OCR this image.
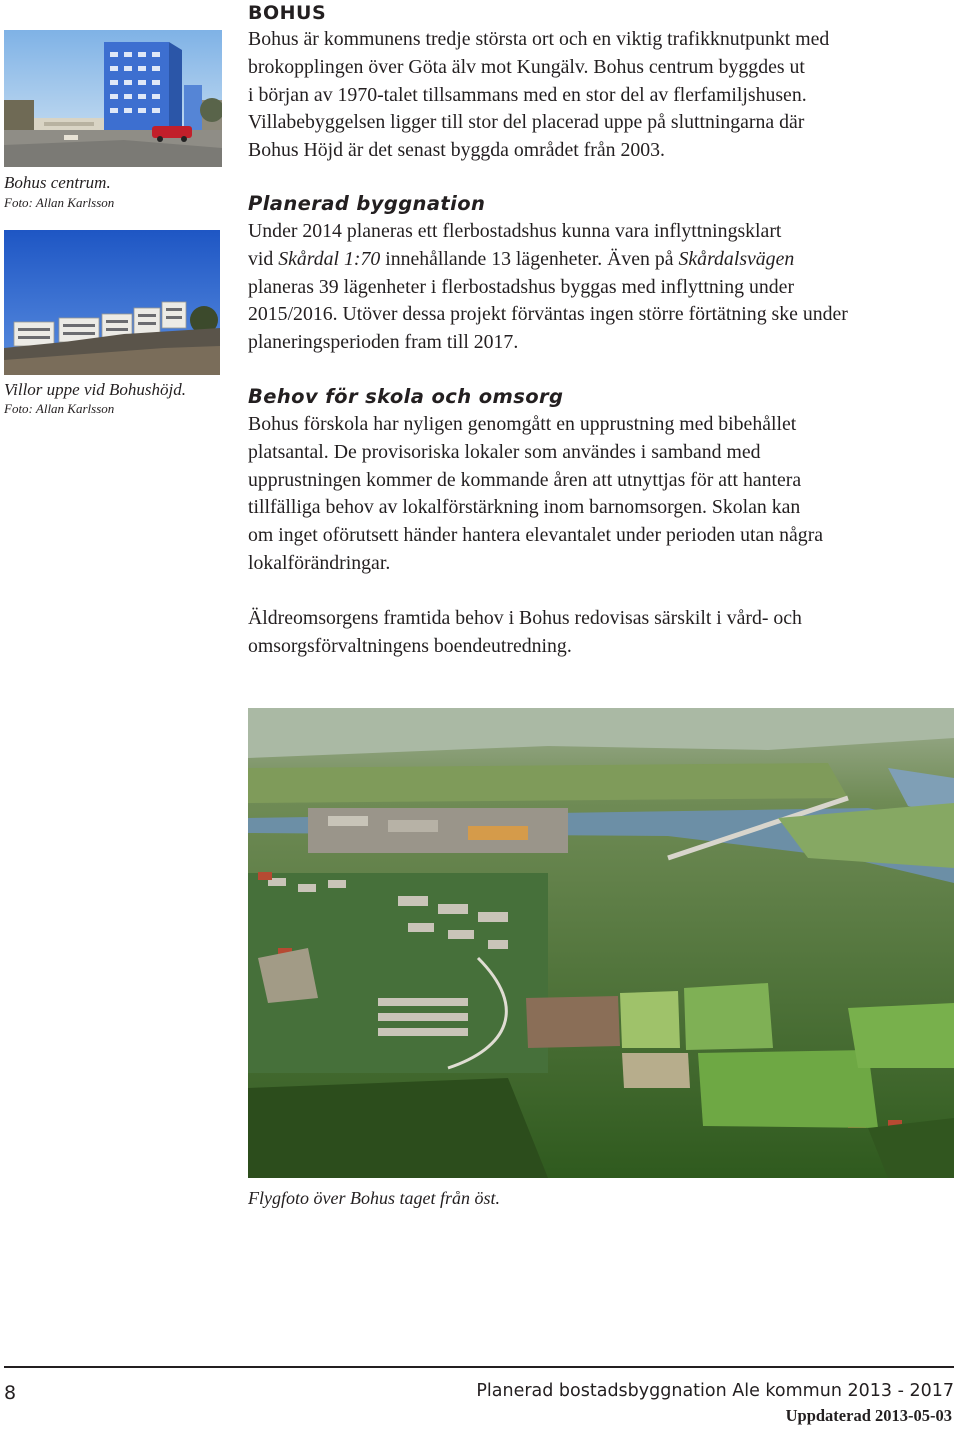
Bohus centrum.
Foto: Allan Karlsson
Villor uppe vid Bohushöjd.
Foto: Allan Karlsson
BOHUS
Bohus är kommunens tredje största ort och en viktig trafikknutpunkt med
brokopplingen över Göta älv mot Kungälv. Bohus centrum byggdes ut
i början av 1970-talet tillsammans med en stor del av flerfamiljshusen.
Villabebyggelsen ligger till stor del placerad uppe på sluttningarna där
Bohus Höjd är det senast byggda området från 2003.
Planerad byggnation
Under 2014 planeras ett flerbostadshus kunna vara inflyttningsklart
vid Skårdal 1:70 innehållande 13 lägenheter. Även på Skårdalsvägen
planeras 39 lägenheter i flerbostadshus byggas med inflyttning under
2015/2016. Utöver dessa projekt förväntas ingen större förtätning ske under
planeringsperioden fram till 2017.
Behov för skola och omsorg
Bohus förskola har nyligen genomgått en upprustning med bibehållet
platsantal. De provisoriska lokaler som användes i samband med
upprustningen kommer de kommande åren att utnyttjas för att hantera
tillfälliga behov av lokalförstärkning inom barnomsorgen. Skolan kan
om inget oförutsett händer hantera elevantalet under perioden utan några
lokalförändringar.
Äldreomsorgens framtida behov i Bohus redovisas särskilt i vård- och
omsorgsförvaltningens boendeutredning.
Flygfoto över Bohus taget från öst.
8	Planerad bostadsbyggnation Ale kommun 2013 - 2017
Uppdaterad 2013-05-03
